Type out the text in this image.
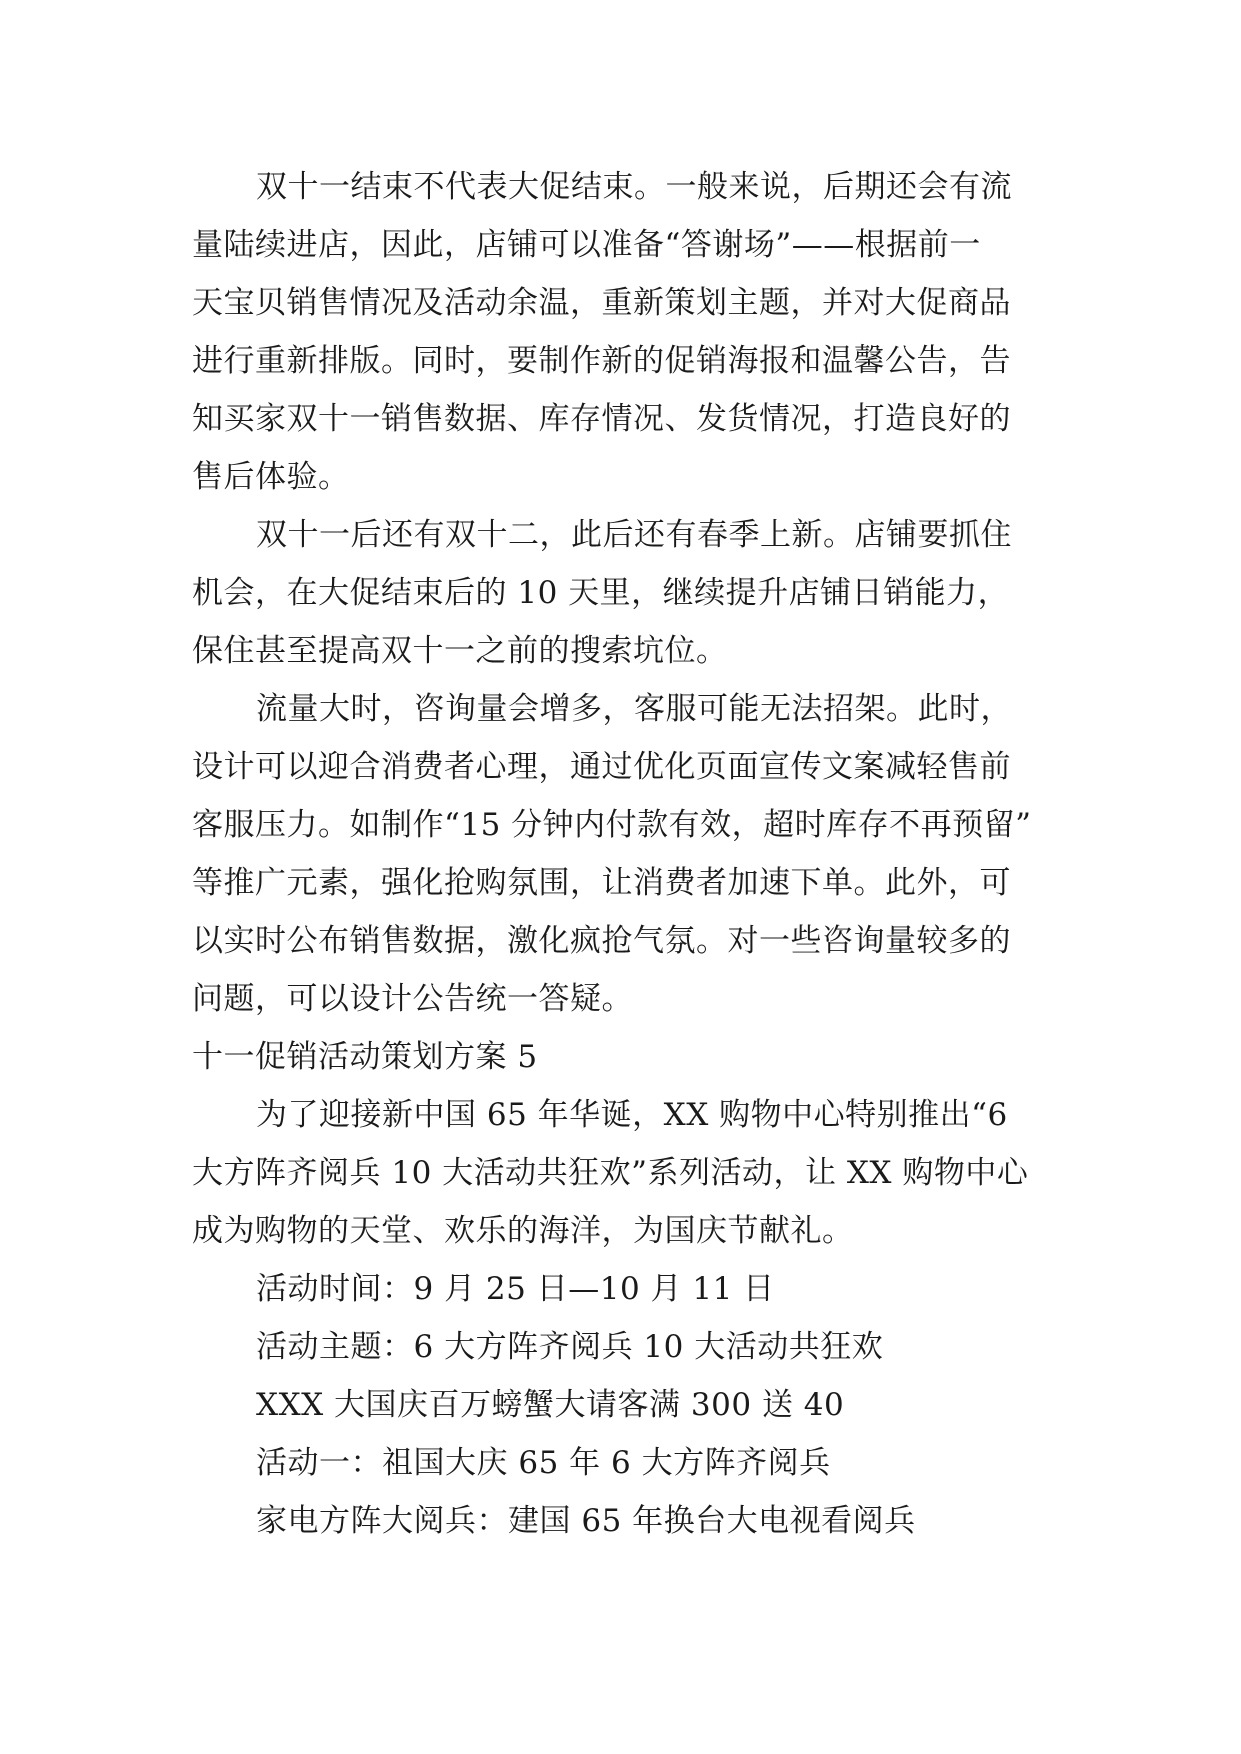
双十一结束不代表大促结束。一般来说，后期还会有流
量陆续进店，因此，店铺可以准备“答谢场”——根据前一
天宝贝销售情况及活动余温，重新策划主题，并对大促商品
进行重新排版。同时，要制作新的促销海报和温馨公告，告
知买家双十一销售数据、库存情况、发货情况，打造良好的
售后体验。
双十一后还有双十二，此后还有春季上新。店铺要抓住
机会，在大促结束后的 10 天里，继续提升店铺日销能力，
保住甚至提高双十一之前的搜索坑位。
流量大时，咨询量会增多，客服可能无法招架。此时，
设计可以迎合消费者心理，通过优化页面宣传文案减轻售前
客服压力。如制作“15 分钟内付款有效，超时库存不再预留”
等推广元素，强化抢购氛围，让消费者加速下单。此外，可
以实时公布销售数据，激化疯抢气氛。对一些咨询量较多的
问题，可以设计公告统一答疑。
十一促销活动策划方案 5
为了迎接新中国 65 年华诞，XX 购物中心特别推出“6
大方阵齐阅兵 10 大活动共狂欢”系列活动，让 XX 购物中心
成为购物的天堂、欢乐的海洋，为国庆节献礼。
活动时间：9 月 25 日—10 月 11 日
活动主题：6 大方阵齐阅兵 10 大活动共狂欢
XXX 大国庆百万螃蟹大请客满 300 送 40
活动一：祖国大庆 65 年 6 大方阵齐阅兵
家电方阵大阅兵：建国 65 年换台大电视看阅兵
